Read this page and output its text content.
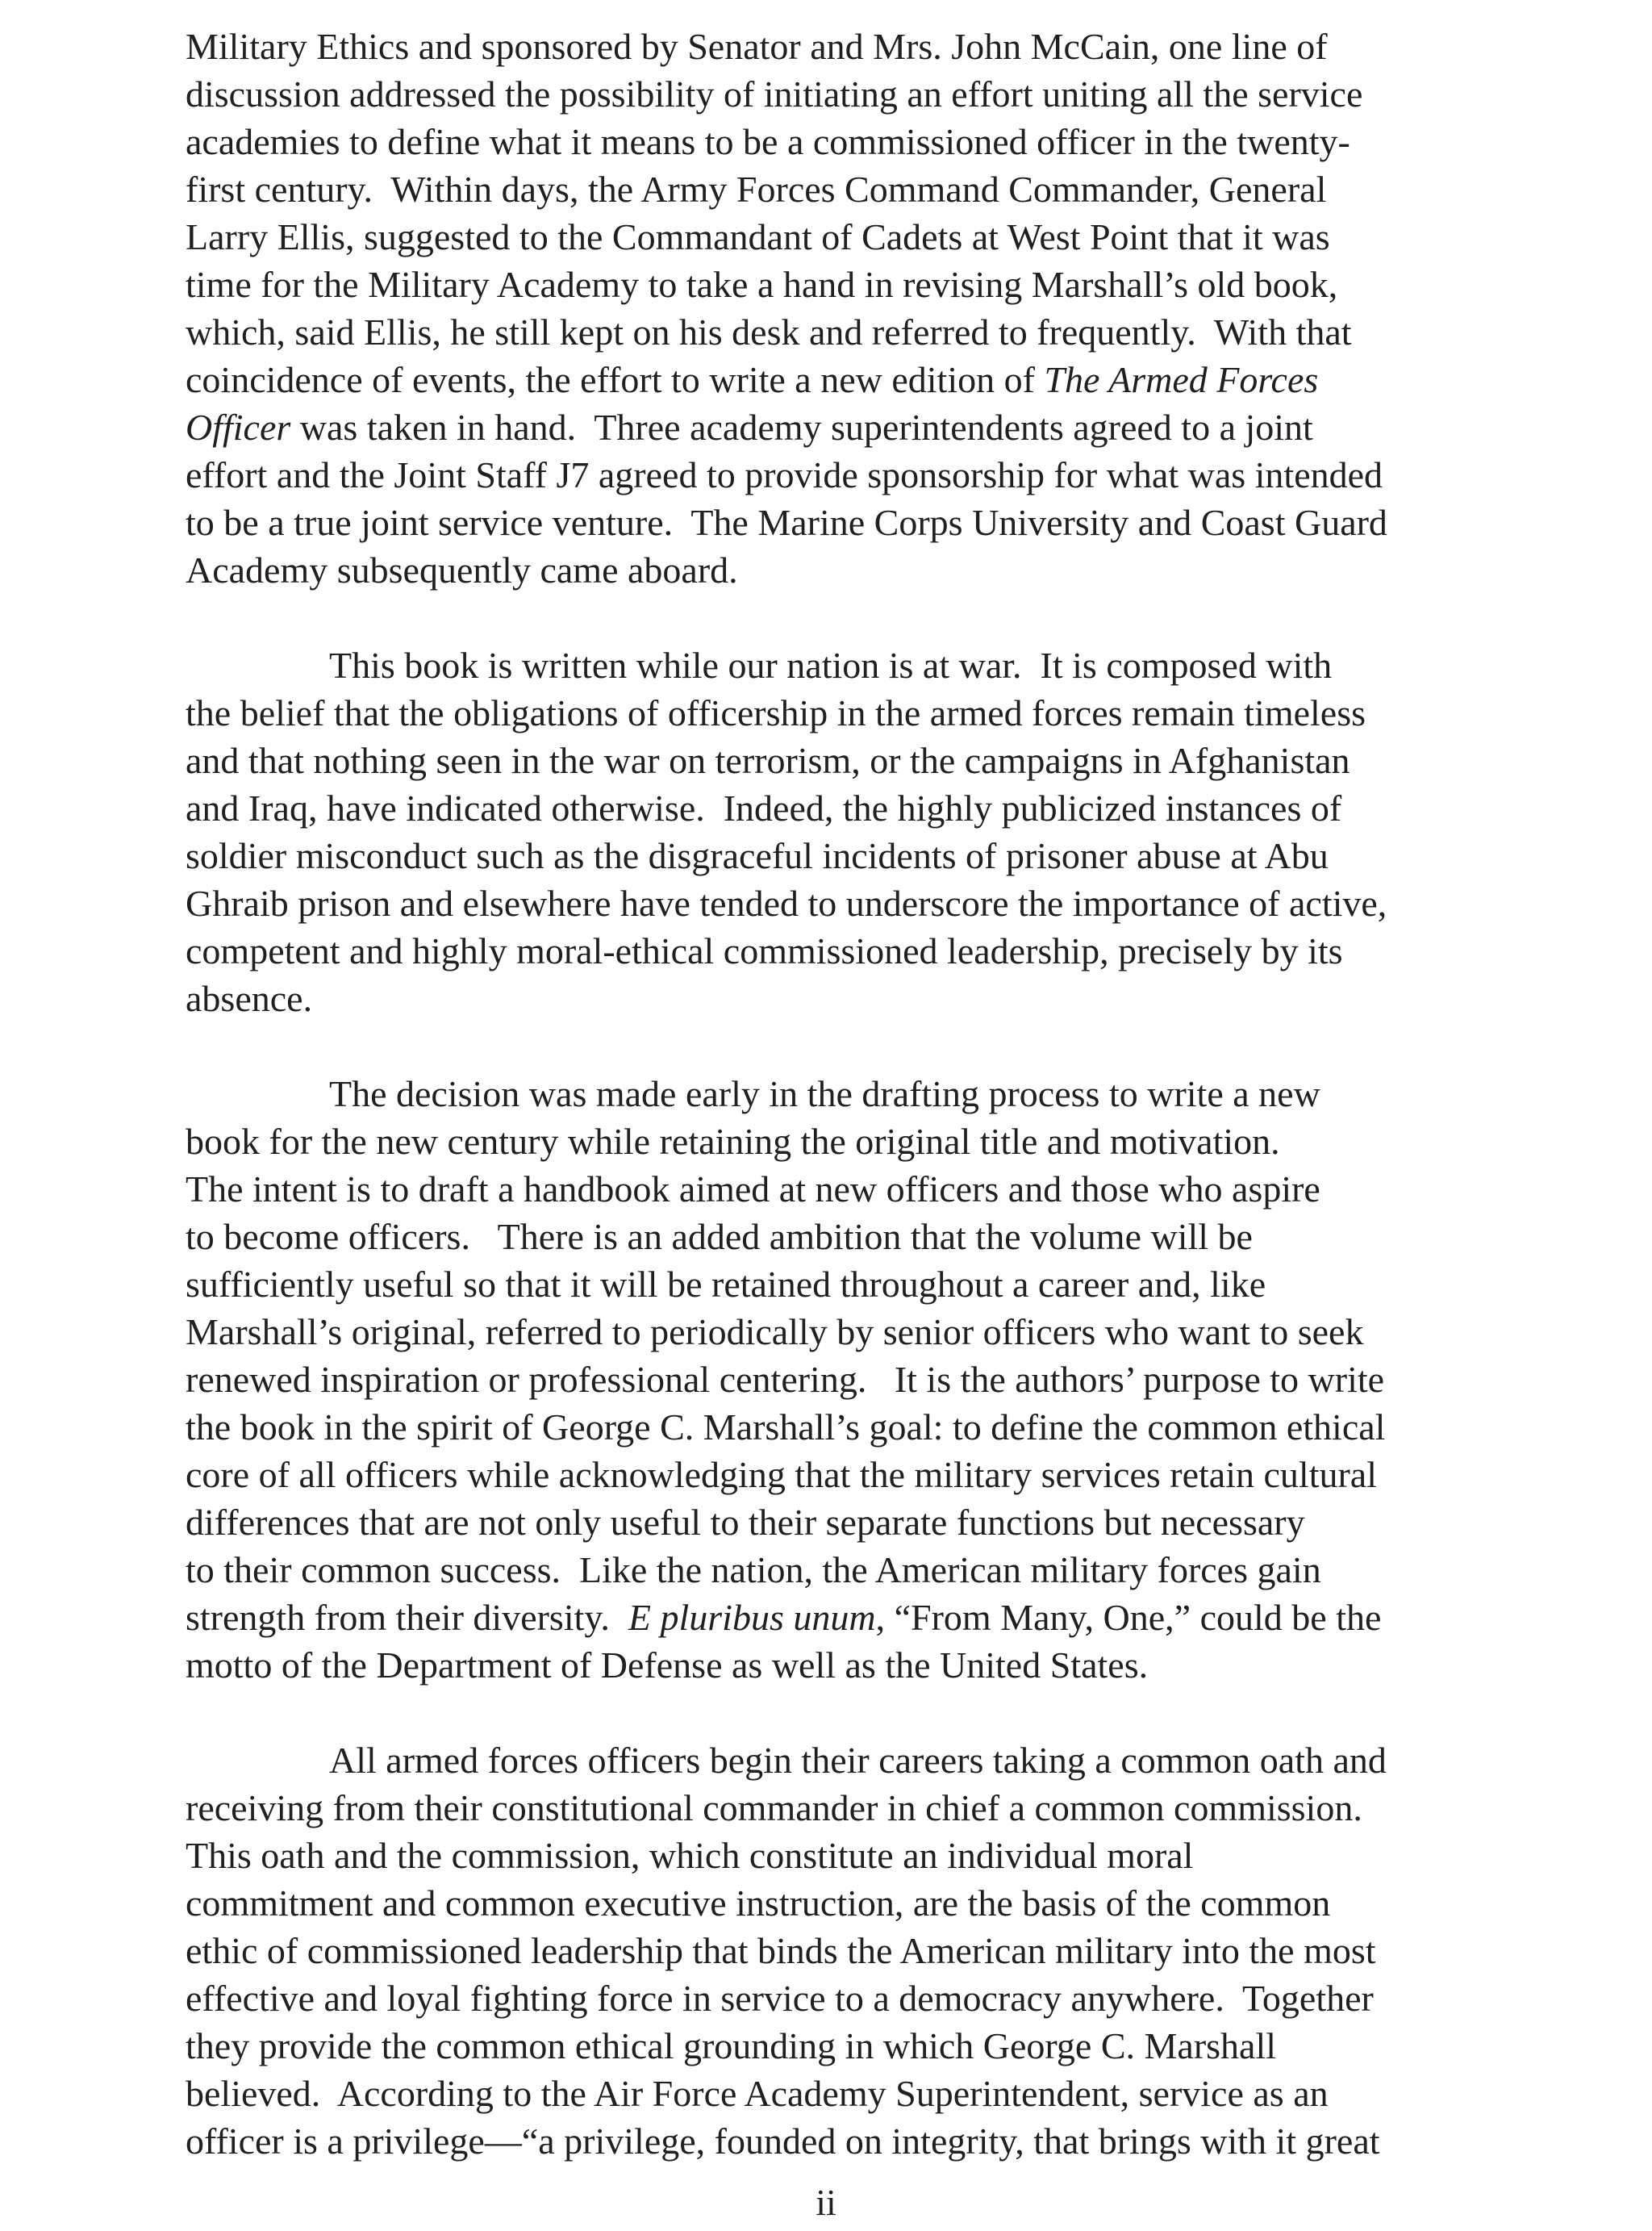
Military Ethics and sponsored by Senator and Mrs. John McCain, one line of
discussion addressed the possibility of initiating an effort uniting all the service
academies to define what it means to be a commissioned officer in the twenty-
first century.  Within days, the Army Forces Command Commander, General
Larry Ellis, suggested to the Commandant of Cadets at West Point that it was
time for the Military Academy to take a hand in revising Marshall’s old book,
which, said Ellis, he still kept on his desk and referred to frequently.  With that
coincidence of events, the effort to write a new edition of The Armed Forces
Officer was taken in hand.  Three academy superintendents agreed to a joint
effort and the Joint Staff J7 agreed to provide sponsorship for what was intended
to be a true joint service venture.  The Marine Corps University and Coast Guard
Academy subsequently came aboard.
This book is written while our nation is at war.  It is composed with
the belief that the obligations of officership in the armed forces remain timeless
and that nothing seen in the war on terrorism, or the campaigns in Afghanistan
and Iraq, have indicated otherwise.  Indeed, the highly publicized instances of
soldier misconduct such as the disgraceful incidents of prisoner abuse at Abu
Ghraib prison and elsewhere have tended to underscore the importance of active,
competent and highly moral-ethical commissioned leadership, precisely by its
absence.
The decision was made early in the drafting process to write a new
book for the new century while retaining the original title and motivation.
The intent is to draft a handbook aimed at new officers and those who aspire
to become officers.   There is an added ambition that the volume will be
sufficiently useful so that it will be retained throughout a career and, like
Marshall’s original, referred to periodically by senior officers who want to seek
renewed inspiration or professional centering.   It is the authors’ purpose to write
the book in the spirit of George C. Marshall’s goal: to define the common ethical
core of all officers while acknowledging that the military services retain cultural
differences that are not only useful to their separate functions but necessary
to their common success.  Like the nation, the American military forces gain
strength from their diversity.  E pluribus unum, “From Many, One,” could be the
motto of the Department of Defense as well as the United States.
All armed forces officers begin their careers taking a common oath and
receiving from their constitutional commander in chief a common commission.
This oath and the commission, which constitute an individual moral
commitment and common executive instruction, are the basis of the common
ethic of commissioned leadership that binds the American military into the most
effective and loyal fighting force in service to a democracy anywhere.  Together
they provide the common ethical grounding in which George C. Marshall
believed.  According to the Air Force Academy Superintendent, service as an
officer is a privilege—“a privilege, founded on integrity, that brings with it great
ii
